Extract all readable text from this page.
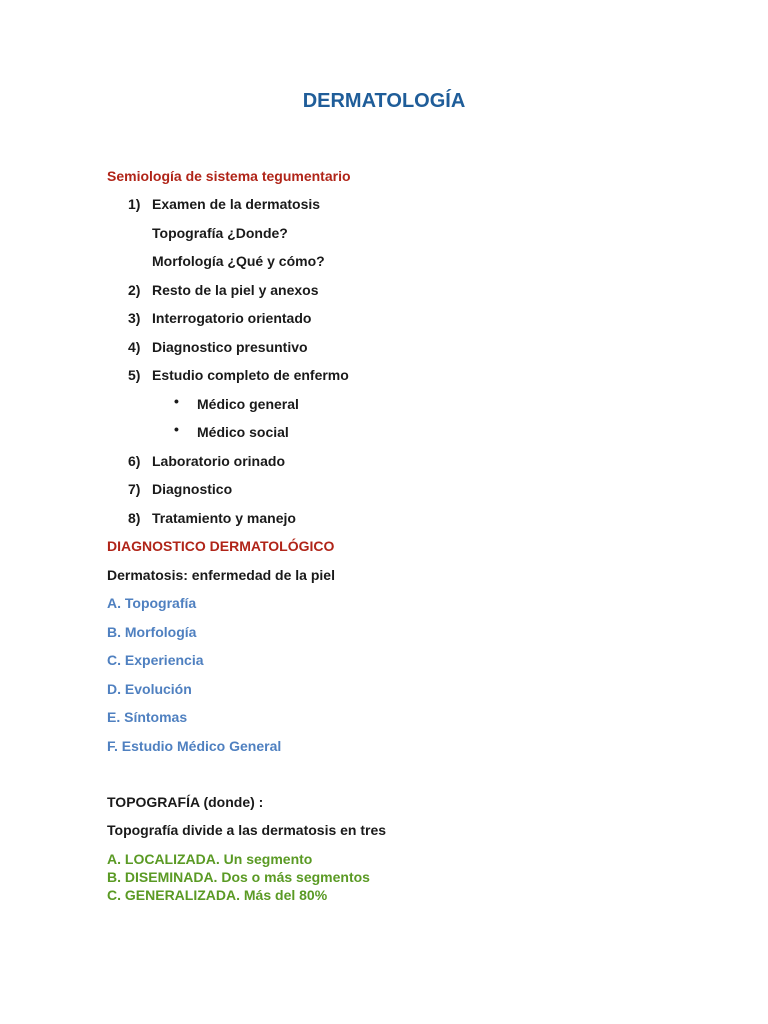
DERMATOLOGÍA
Semiología de sistema tegumentario
1) Examen de la dermatosis
Topografía ¿Donde?
Morfología ¿Qué y cómo?
2) Resto de la piel y anexos
3) Interrogatorio orientado
4) Diagnostico presuntivo
5) Estudio completo de enfermo
• Médico general
• Médico social
6) Laboratorio orinado
7) Diagnostico
8) Tratamiento y manejo
DIAGNOSTICO DERMATOLÓGICO
Dermatosis: enfermedad de la piel
A. Topografía
B. Morfología
C. Experiencia
D. Evolución
E. Síntomas
F. Estudio Médico General
TOPOGRAFÍA (donde) :
Topografía divide a las dermatosis en tres
A. LOCALIZADA. Un segmento
B. DISEMINADA. Dos o más segmentos
C. GENERALIZADA. Más del 80%
